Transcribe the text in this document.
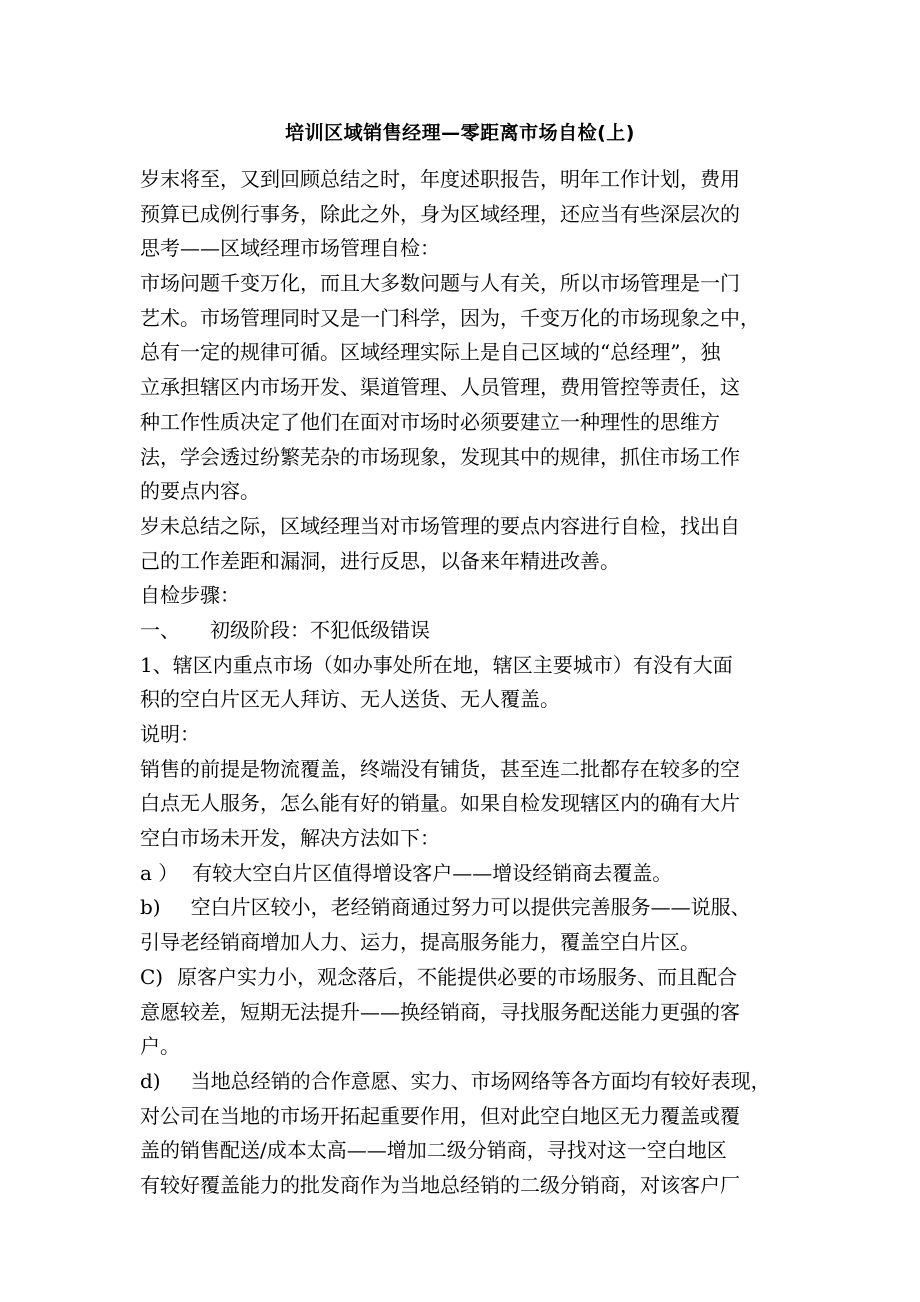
培训区域销售经理—零距离市场自检(上)
岁末将至，又到回顾总结之时，年度述职报告，明年工作计划，费用
预算已成例行事务，除此之外，身为区域经理，还应当有些深层次的
思考——区域经理市场管理自检：
市场问题千变万化，而且大多数问题与人有关，所以市场管理是一门
艺术。市场管理同时又是一门科学，因为，千变万化的市场现象之中，
总有一定的规律可循。区域经理实际上是自己区域的“总经理”，独
立承担辖区内市场开发、渠道管理、人员管理，费用管控等责任，这
种工作性质决定了他们在面对市场时必须要建立一种理性的思维方
法，学会透过纷繁芜杂的市场现象，发现其中的规律，抓住市场工作
的要点内容。
岁未总结之际，区域经理当对市场管理的要点内容进行自检，找出自
己的工作差距和漏洞，进行反思，以备来年精进改善。
自检步骤：
一、 初级阶段：不犯低级错误
1、辖区内重点市场（如办事处所在地，辖区主要城市）有没有大面
积的空白片区无人拜访、无人送货、无人覆盖。
说明：
销售的前提是物流覆盖，终端没有铺货，甚至连二批都存在较多的空
白点无人服务，怎么能有好的销量。如果自检发现辖区内的确有大片
空白市场未开发，解决方法如下：
a ） 有较大空白片区值得增设客户——增设经销商去覆盖。
b) 空白片区较小，老经销商通过努力可以提供完善服务——说服、
引导老经销商增加人力、运力，提高服务能力，覆盖空白片区。
C) 原客户实力小，观念落后，不能提供必要的市场服务、而且配合
意愿较差，短期无法提升——换经销商，寻找服务配送能力更强的客
户。
d) 当地总经销的合作意愿、实力、市场网络等各方面均有较好表现，
对公司在当地的市场开拓起重要作用，但对此空白地区无力覆盖或覆
盖的销售配送/成本太高——增加二级分销商，寻找对这一空白地区
有较好覆盖能力的批发商作为当地总经销的二级分销商，对该客户厂
